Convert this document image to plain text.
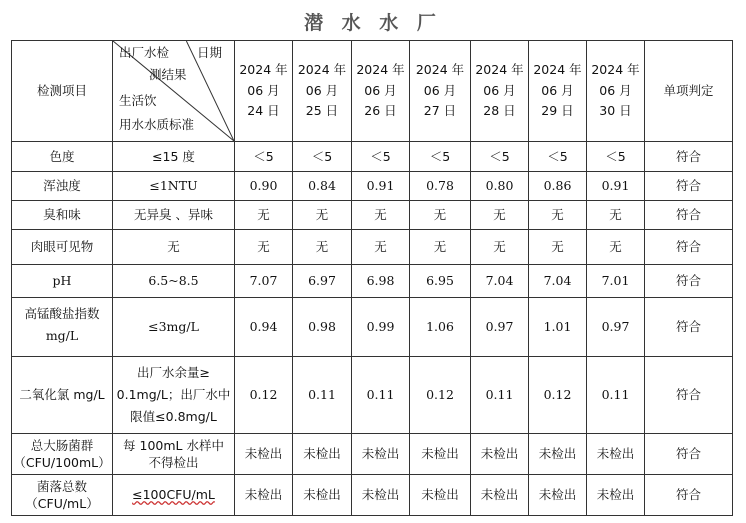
潜 水 水 厂
检测项目	出厂水检 日期
测结果
生活饮
用水水质标准	2024 年
06 月
24 日	2024 年
06 月
25 日	2024 年
06 月
26 日	2024 年
06 月
27 日	2024 年
06 月
28 日	2024 年
06 月
29 日	2024 年
06 月
30 日	单项判定
色度	≤15 度	＜5	＜5	＜5	＜5	＜5	＜5	＜5	符合
浑浊度	≤1NTU	0.90	0.84	0.91	0.78	0.80	0.86	0.91	符合
臭和味	无异臭 、异味	无	无	无	无	无	无	无	符合
肉眼可见物	无	无	无	无	无	无	无	无	符合
pH	6.5~8.5	7.07	6.97	6.98	6.95	7.04	7.04	7.01	符合
高锰酸盐指数
mg/L	≤3mg/L	0.94	0.98	0.99	1.06	0.97	1.01	0.97	符合
二氧化氯 mg/L	出厂水余量≥
0.1mg/L；出厂水中
限值≤0.8mg/L	0.12	0.11	0.11	0.12	0.11	0.12	0.11	符合
总大肠菌群
（CFU/100mL）	每 100mL 水样中
不得检出	未检出	未检出	未检出	未检出	未检出	未检出	未检出	符合
菌落总数
（CFU/mL）	≤100CFU/mL	未检出	未检出	未检出	未检出	未检出	未检出	未检出	符合
